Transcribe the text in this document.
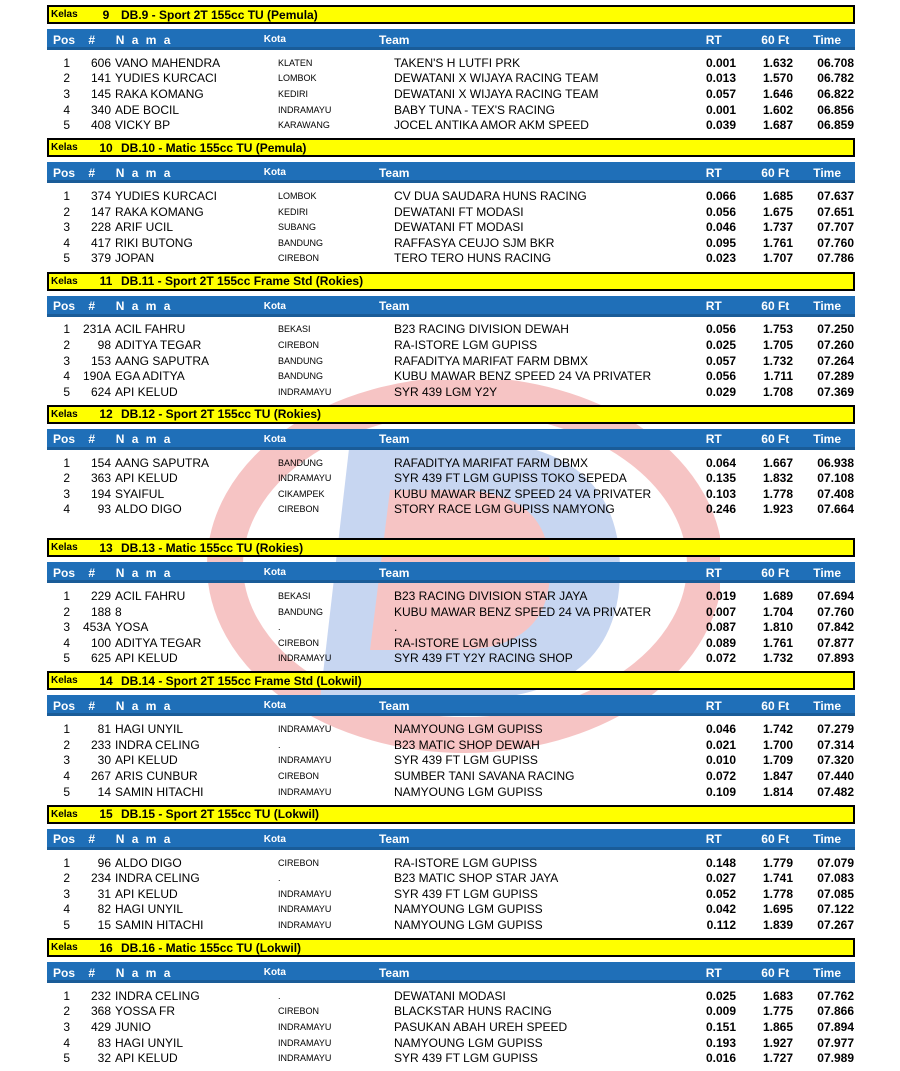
Kelas	9 DB.9 - Sport 2T 155cc TU (Pemula)
Pos	#	N a m a	Kota	Team	RT	60 Ft	Time
1	606 VANO MAHENDRA	KLATEN	TAKEN'S H LUTFI PRK	0.001	1.632	06.708
2	141 YUDIES KURCACI	LOMBOK	DEWATANI X WIJAYA RACING TEAM	0.013	1.570	06.782
3	145 RAKA KOMANG	KEDIRI	DEWATANI X WIJAYA RACING TEAM	0.057	1.646	06.822
4	340 ADE BOCIL	INDRAMAYU	BABY TUNA - TEX'S RACING	0.001	1.602	06.856
5	408 VICKY BP	KARAWANG	JOCEL ANTIKA AMOR AKM SPEED	0.039	1.687	06.859
Kelas	10 DB.10 - Matic 155cc TU (Pemula)
Pos	#	N a m a	Kota	Team	RT	60 Ft	Time
1	374 YUDIES KURCACI	LOMBOK	CV DUA SAUDARA HUNS RACING	0.066	1.685	07.637
2	147 RAKA KOMANG	KEDIRI	DEWATANI FT MODASI	0.056	1.675	07.651
3	228 ARIF UCIL	SUBANG	DEWATANI FT MODASI	0.046	1.737	07.707
4	417 RIKI BUTONG	BANDUNG	RAFFASYA CEUJO SJM BKR	0.095	1.761	07.760
5	379 JOPAN	CIREBON	TERO TERO HUNS RACING	0.023	1.707	07.786
Kelas	11 DB.11 - Sport 2T 155cc Frame Std (Rokies)
Pos	#	N a m a	Kota	Team	RT	60 Ft	Time
1	231A ACIL FAHRU	BEKASI	B23 RACING DIVISION DEWAH	0.056	1.753	07.250
2	98 ADITYA TEGAR	CIREBON	RA-ISTORE LGM GUPISS	0.025	1.705	07.260
3	153 AANG SAPUTRA	BANDUNG	RAFADITYA MARIFAT FARM DBMX	0.057	1.732	07.264
4	190A EGA ADITYA	BANDUNG	KUBU MAWAR BENZ SPEED 24 VA PRIVATER	0.056	1.711	07.289
5	624 API KELUD	INDRAMAYU	SYR 439 LGM Y2Y	0.029	1.708	07.369
Kelas	12 DB.12 - Sport 2T 155cc TU (Rokies)
Pos	#	N a m a	Kota	Team	RT	60 Ft	Time
1	154 AANG SAPUTRA	BANDUNG	RAFADITYA MARIFAT FARM DBMX	0.064	1.667	06.938
2	363 API KELUD	INDRAMAYU	SYR 439 FT LGM GUPISS TOKO SEPEDA	0.135	1.832	07.108
3	194 SYAIFUL	CIKAMPEK	KUBU MAWAR BENZ SPEED 24 VA PRIVATER	0.103	1.778	07.408
4	93 ALDO DIGO	CIREBON	STORY RACE LGM GUPISS NAMYONG	0.246	1.923	07.664
Kelas	13 DB.13 - Matic 155cc TU (Rokies)
Pos	#	N a m a	Kota	Team	RT	60 Ft	Time
1	229 ACIL FAHRU	BEKASI	B23 RACING DIVISION STAR JAYA	0.019	1.689	07.694
2	188 8	BANDUNG	KUBU MAWAR BENZ SPEED 24 VA PRIVATER	0.007	1.704	07.760
3	453A YOSA	.	.	0.087	1.810	07.842
4	100 ADITYA TEGAR	CIREBON	RA-ISTORE LGM GUPISS	0.089	1.761	07.877
5	625 API KELUD	INDRAMAYU	SYR 439 FT Y2Y RACING SHOP	0.072	1.732	07.893
Kelas	14 DB.14 - Sport 2T 155cc Frame Std (Lokwil)
Pos	#	N a m a	Kota	Team	RT	60 Ft	Time
1	81 HAGI UNYIL	INDRAMAYU	NAMYOUNG LGM GUPISS	0.046	1.742	07.279
2	233 INDRA CELING	.	B23 MATIC SHOP DEWAH	0.021	1.700	07.314
3	30 API KELUD	INDRAMAYU	SYR 439 FT LGM GUPISS	0.010	1.709	07.320
4	267 ARIS CUNBUR	CIREBON	SUMBER TANI SAVANA RACING	0.072	1.847	07.440
5	14 SAMIN HITACHI	INDRAMAYU	NAMYOUNG LGM GUPISS	0.109	1.814	07.482
Kelas	15 DB.15 - Sport 2T 155cc TU (Lokwil)
Pos	#	N a m a	Kota	Team	RT	60 Ft	Time
1	96 ALDO DIGO	CIREBON	RA-ISTORE LGM GUPISS	0.148	1.779	07.079
2	234 INDRA CELING	.	B23 MATIC SHOP STAR JAYA	0.027	1.741	07.083
3	31 API KELUD	INDRAMAYU	SYR 439 FT LGM GUPISS	0.052	1.778	07.085
4	82 HAGI UNYIL	INDRAMAYU	NAMYOUNG LGM GUPISS	0.042	1.695	07.122
5	15 SAMIN HITACHI	INDRAMAYU	NAMYOUNG LGM GUPISS	0.112	1.839	07.267
Kelas	16 DB.16 - Matic 155cc TU (Lokwil)
Pos	#	N a m a	Kota	Team	RT	60 Ft	Time
1	232 INDRA CELING	.	DEWATANI MODASI	0.025	1.683	07.762
2	368 YOSSA FR	CIREBON	BLACKSTAR HUNS RACING	0.009	1.775	07.866
3	429 JUNIO	INDRAMAYU	PASUKAN ABAH UREH SPEED	0.151	1.865	07.894
4	83 HAGI UNYIL	INDRAMAYU	NAMYOUNG LGM GUPISS	0.193	1.927	07.977
5	32 API KELUD	INDRAMAYU	SYR 439 FT LGM GUPISS	0.016	1.727	07.989
